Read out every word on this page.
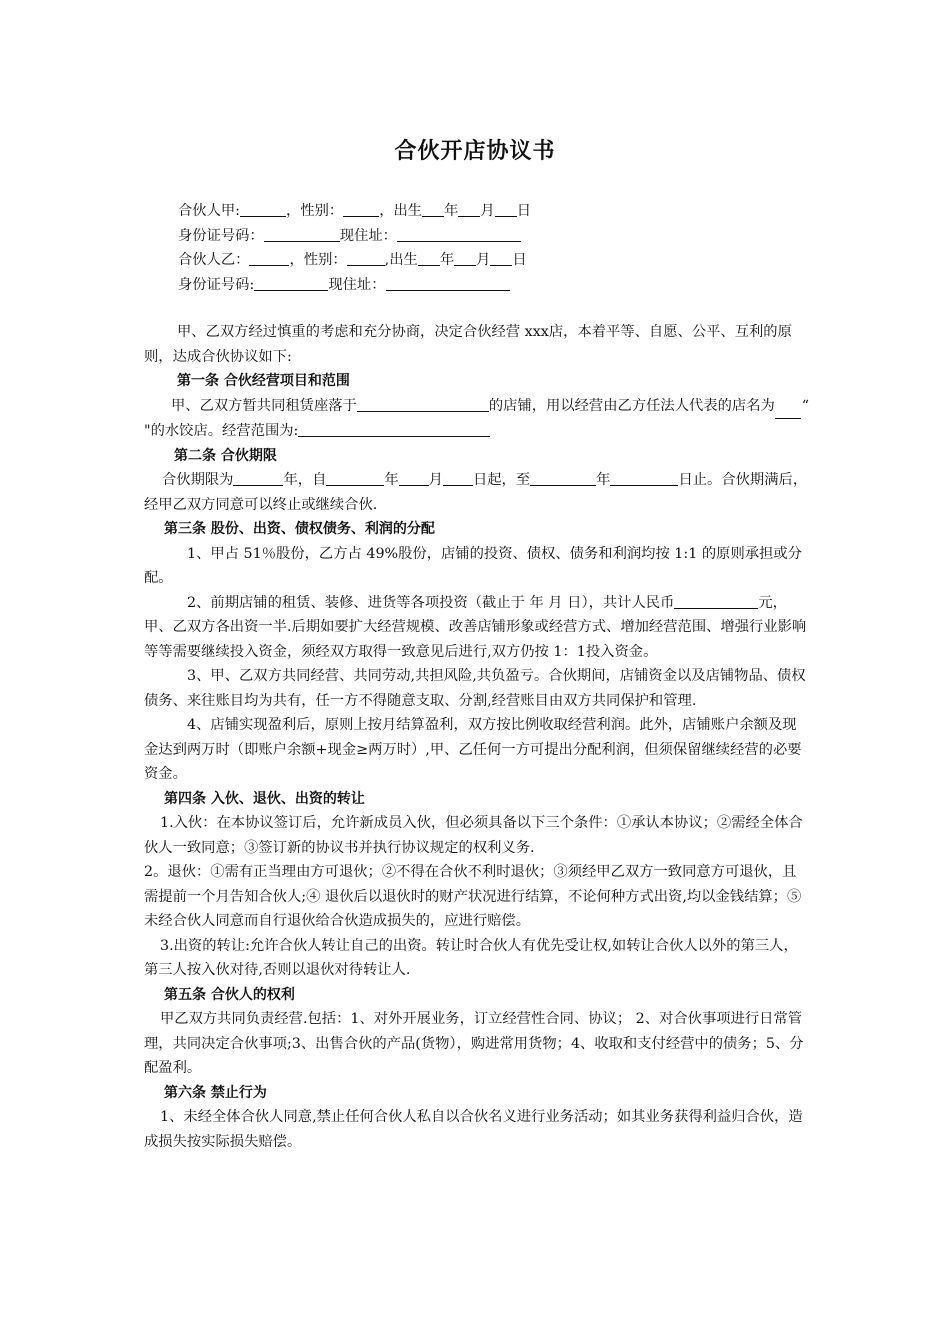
合伙开店协议书
合伙人甲:	，性别：	，出生 年 月 日
身份证号码：	现住址：
合伙人乙：	，性别：	,出生 年 月 日
身份证号码:	现住址：

甲、乙双方经过慎重的考虑和充分协商，决定合伙经营 xxx店，本着平等、自愿、公平、互利的原则，达成合伙协议如下:

第一条 合伙经营项目和范围

甲、乙双方暂共同租赁座落于	的店铺，用以经营由乙方任法人代表的店名为 “"的水饺店。经营范围为:

第二条 合伙期限

合伙期限为	年，自	年 月 日起，至	年	日止。合伙期满后，经甲乙双方同意可以终止或继续合伙.

第三条 股份、出资、债权债务、利润的分配

1、甲占 51％股份，乙方占 49%股份，店铺的投资、债权、债务和利润均按 1:1 的原则承担或分配。

2、前期店铺的租赁、装修、进货等各项投资（截止于 年 月 日），共计人民币	元，甲、乙双方各出资一半.后期如要扩大经营规模、改善店铺形象或经营方式、增加经营范围、增强行业影响等等需要继续投入资金，须经双方取得一致意见后进行,双方仍按 1：1投入资金。

3、甲、乙双方共同经营、共同劳动,共担风险,共负盈亏。合伙期间，店铺资金以及店铺物品、债权债务、来往账目均为共有，任一方不得随意支取、分割,经营账目由双方共同保护和管理.

4、店铺实现盈利后，原则上按月结算盈利，双方按比例收取经营利润。此外，店铺账户余额及现金达到两万时（即账户余额+现金≥两万时）,甲、乙任何一方可提出分配利润，但须保留继续经营的必要资金。

第四条 入伙、退伙、出资的转让

1.入伙：在本协议签订后，允许新成员入伙，但必须具备以下三个条件：①承认本协议；②需经全体合伙人一致同意；③签订新的协议书并执行协议规定的权利义务.

2。退伙：①需有正当理由方可退伙；②不得在合伙不利时退伙；③须经甲乙双方一致同意方可退伙，且需提前一个月告知合伙人;④ 退伙后以退伙时的财产状况进行结算，不论何种方式出资,均以金钱结算；⑤未经合伙人同意而自行退伙给合伙造成损失的，应进行赔偿。

3.出资的转让:允许合伙人转让自己的出资。转让时合伙人有优先受让权,如转让合伙人以外的第三人，第三人按入伙对待,否则以退伙对待转让人.

第五条 合伙人的权利

甲乙双方共同负责经营.包括：1、对外开展业务，订立经营性合同、协议； 2、对合伙事项进行日常管理，共同决定合伙事项;3、出售合伙的产品(货物），购进常用货物；4、收取和支付经营中的债务；5、分配盈利。

第六条 禁止行为

1、未经全体合伙人同意,禁止任何合伙人私自以合伙名义进行业务活动；如其业务获得利益归合伙，造成损失按实际损失赔偿。
